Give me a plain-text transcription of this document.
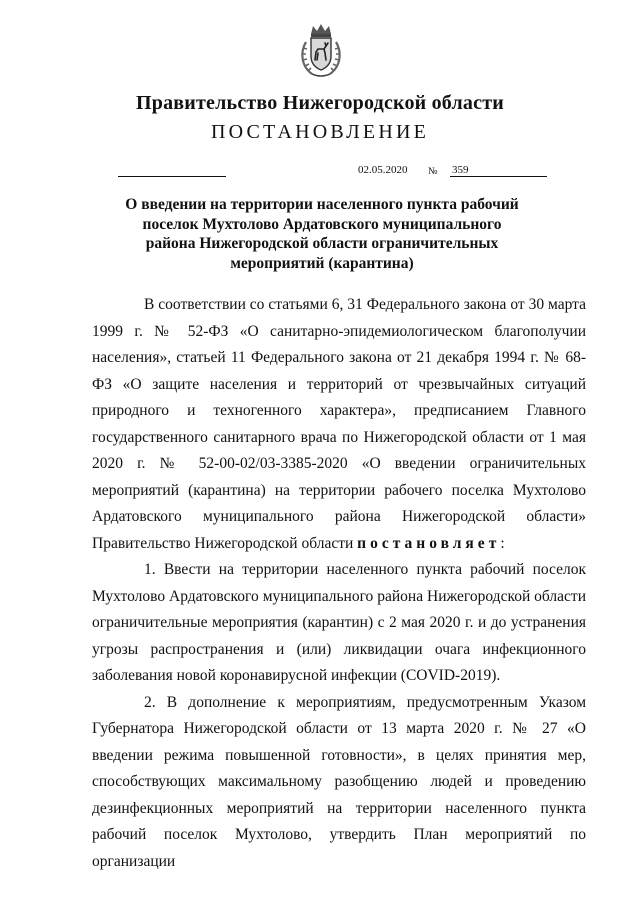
Правительство Нижегородской области
ПОСТАНОВЛЕНИЕ
02.05.2020 № 359
О введении на территории населенного пункта рабочий поселок Мухтолово Ардатовского муниципального района Нижегородской области ограничительных мероприятий (карантина)

В соответствии со статьями 6, 31 Федерального закона от 30 марта 1999 г. № 52-ФЗ «О санитарно-эпидемиологическом благополучии населения», статьей 11 Федерального закона от 21 декабря 1994 г. № 68-ФЗ «О защите населения и территорий от чрезвычайных ситуаций природного и техногенного характера», предписанием Главного государственного санитарного врача по Нижегородской области от 1 мая 2020 г. № 52-00-02/03-3385-2020 «О введении ограничительных мероприятий (карантина) на территории рабочего поселка Мухтолово Ардатовского муниципального района Нижегородской области» Правительство Нижегородской области постановляет:

1. Ввести на территории населенного пункта рабочий поселок Мухтолово Ардатовского муниципального района Нижегородской области ограничительные мероприятия (карантин) с 2 мая 2020 г. и до устранения угрозы распространения и (или) ликвидации очага инфекционного заболевания новой коронавирусной инфекции (COVID-2019).

2. В дополнение к мероприятиям, предусмотренным Указом Губернатора Нижегородской области от 13 марта 2020 г. № 27 «О введении режима повышенной готовности», в целях принятия мер, способствующих максимальному разобщению людей и проведению дезинфекционных мероприятий на территории населенного пункта рабочий поселок Мухтолово, утвердить План мероприятий по организации
